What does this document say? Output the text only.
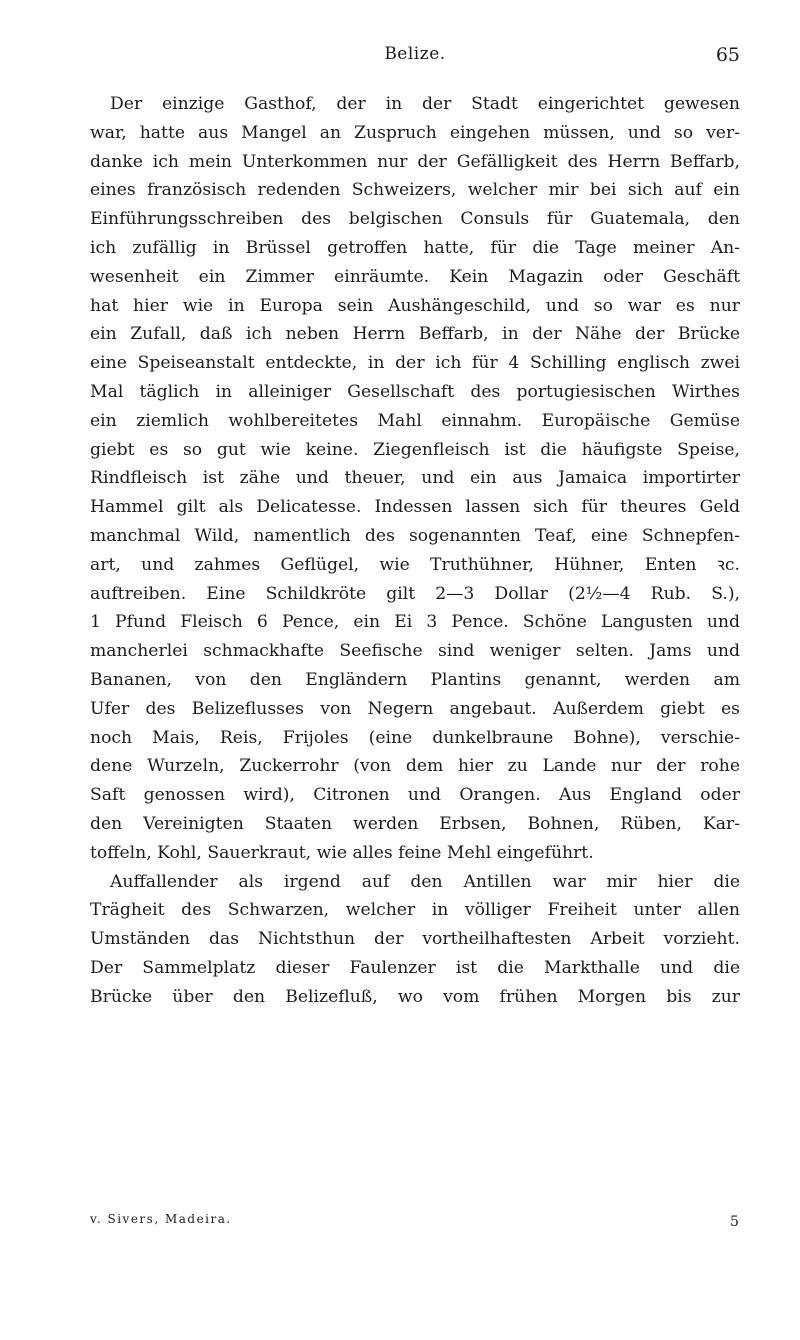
Belize.	65
Der einzige Gasthof, der in der Stadt eingerichtet gewesen
war, hatte aus Mangel an Zuspruch eingehen müssen, und so ver-
danke ich mein Unterkommen nur der Gefälligkeit des Herrn Beffarb,
eines französisch redenden Schweizers, welcher mir bei sich auf ein
Einführungsschreiben des belgischen Consuls für Guatemala, den
ich zufällig in Brüssel getroffen hatte, für die Tage meiner An-
wesenheit ein Zimmer einräumte. Kein Magazin oder Geschäft
hat hier wie in Europa sein Aushängeschild, und so war es nur
ein Zufall, daß ich neben Herrn Beffarb, in der Nähe der Brücke
eine Speiseanstalt entdeckte, in der ich für 4 Schilling englisch zwei
Mal täglich in alleiniger Gesellschaft des portugiesischen Wirthes
ein ziemlich wohlbereitetes Mahl einnahm. Europäische Gemüse
giebt es so gut wie keine. Ziegenfleisch ist die häufigste Speise,
Rindfleisch ist zähe und theuer, und ein aus Jamaica importirter
Hammel gilt als Delicatesse. Indessen lassen sich für theures Geld
manchmal Wild, namentlich des sogenannten Teaf, eine Schnepfen-
art, und zahmes Geflügel, wie Truthühner, Hühner, Enten ꝛc.
auftreiben. Eine Schildkröte gilt 2—3 Dollar (2½—4 Rub. S.),
1 Pfund Fleisch 6 Pence, ein Ei 3 Pence. Schöne Langusten und
mancherlei schmackhafte Seefische sind weniger selten. Jams und
Bananen, von den Engländern Plantins genannt, werden am
Ufer des Belizeflusses von Negern angebaut. Außerdem giebt es
noch Mais, Reis, Frijoles (eine dunkelbraune Bohne), verschie-
dene Wurzeln, Zuckerrohr (von dem hier zu Lande nur der rohe
Saft genossen wird), Citronen und Orangen. Aus England oder
den Vereinigten Staaten werden Erbsen, Bohnen, Rüben, Kar-
toffeln, Kohl, Sauerkraut, wie alles feine Mehl eingeführt.
Auffallender als irgend auf den Antillen war mir hier die
Trägheit des Schwarzen, welcher in völliger Freiheit unter allen
Umständen das Nichtsthun der vortheilhaftesten Arbeit vorzieht.
Der Sammelplatz dieser Faulenzer ist die Markthalle und die
Brücke über den Belizefluß, wo vom frühen Morgen bis zur
v. Sivers, Madeira.	5
